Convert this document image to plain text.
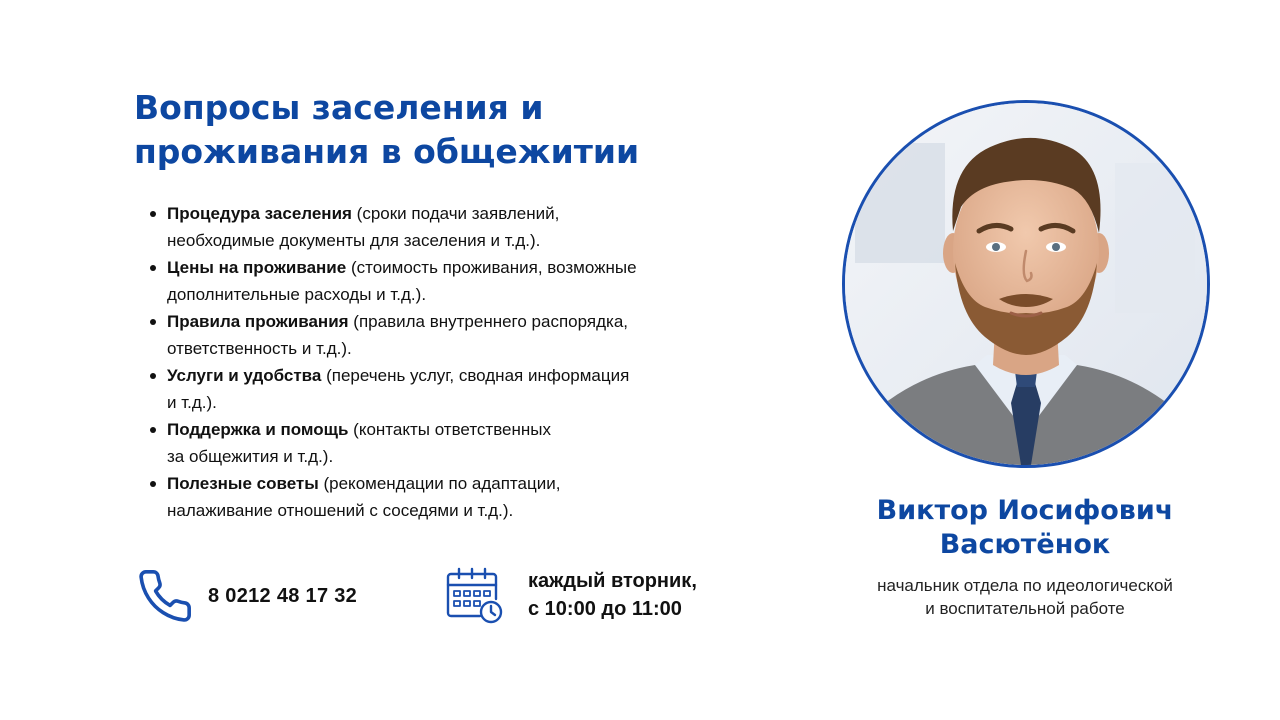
Вопросы заселения и
проживания в общежитии
Процедура заселения (сроки подачи заявлений,
необходимые документы для заселения и т.д.).
Цены на проживание (стоимость проживания, возможные
дополнительные расходы и т.д.).
Правила проживания (правила внутреннего распорядка,
ответственность и т.д.).
Услуги и удобства (перечень услуг, сводная информация
и т.д.).
Поддержка и помощь (контакты ответственных
за общежития и т.д.).
Полезные советы (рекомендации по адаптации,
налаживание отношений с соседями и т.д.).
8 0212 48 17 32
каждый вторник,
с 10:00 до 11:00
Виктор Иосифович
Васютёнок
начальник отдела по идеологической
и воспитательной работе
